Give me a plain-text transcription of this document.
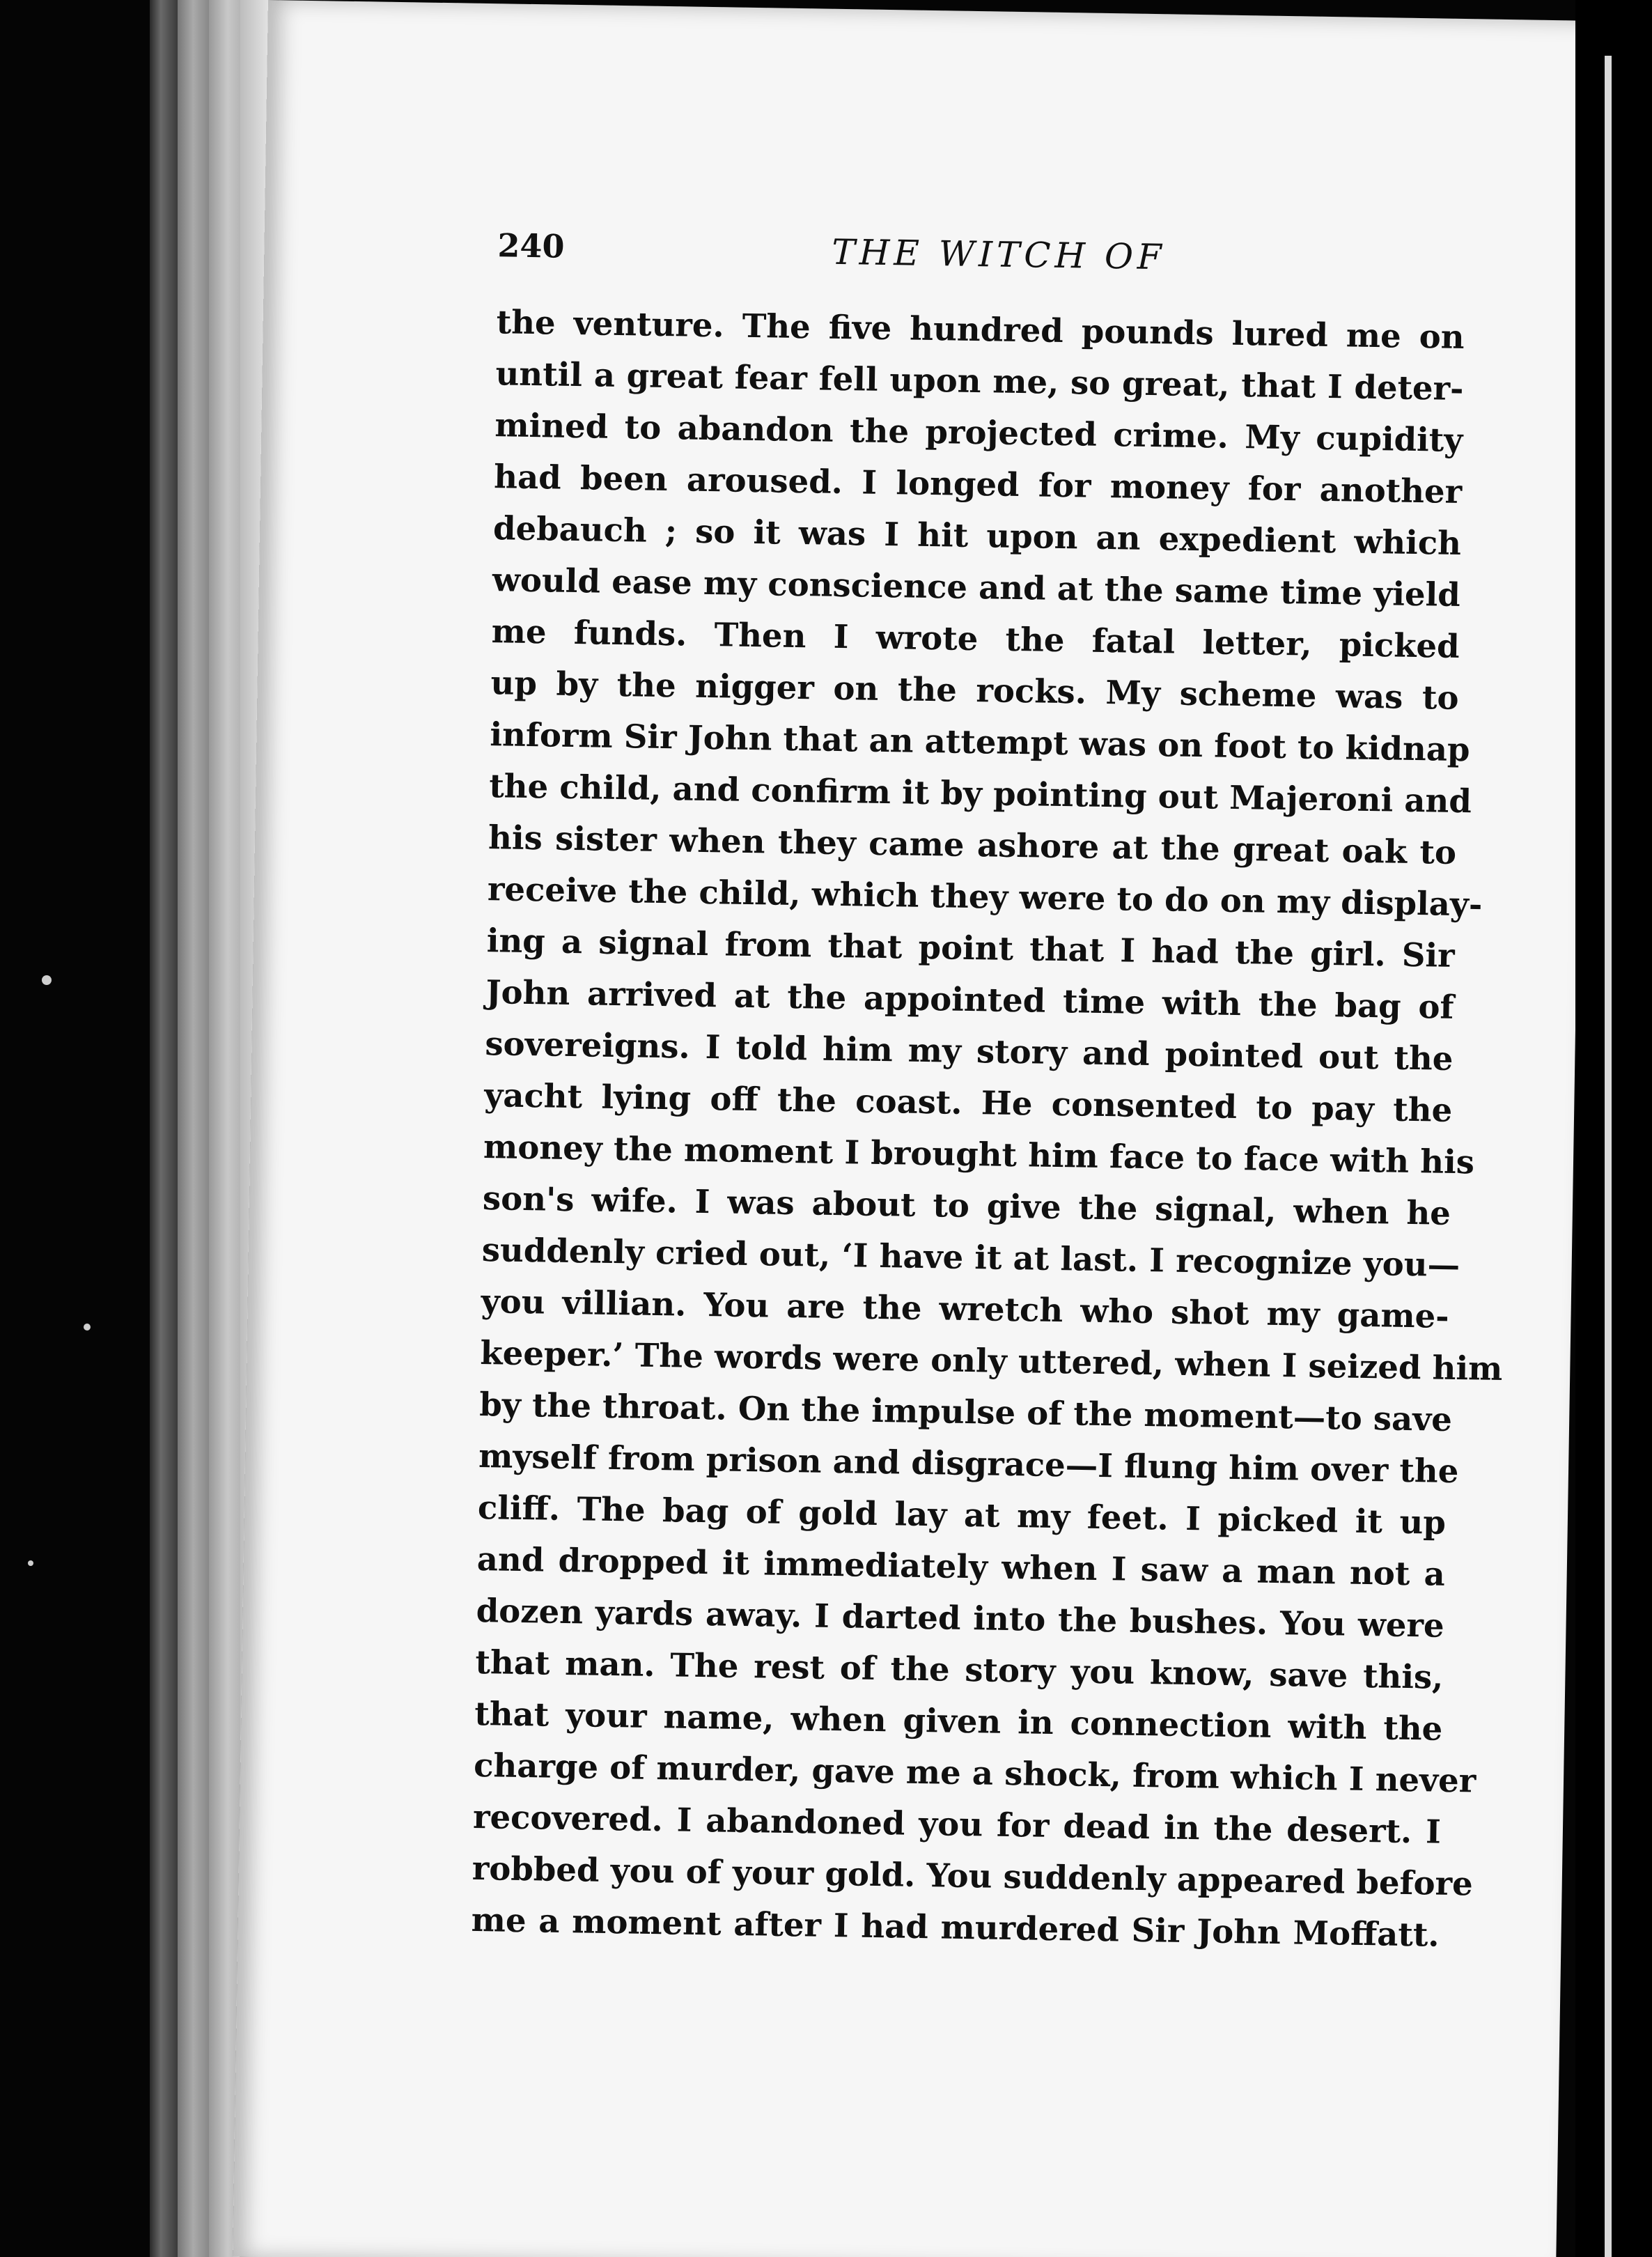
240	THE WITCH OF
the venture. The five hundred pounds lured me on
until a great fear fell upon me, so great, that I deter-
mined to abandon the projected crime. My cupidity
had been aroused. I longed for money for another
debauch ; so it was I hit upon an expedient which
would ease my conscience and at the same time yield
me funds. Then I wrote the fatal letter, picked
up by the nigger on the rocks. My scheme was to
inform Sir John that an attempt was on foot to kidnap
the child, and confirm it by pointing out Majeroni and
his sister when they came ashore at the great oak to
receive the child, which they were to do on my display-
ing a signal from that point that I had the girl. Sir
John arrived at the appointed time with the bag of
sovereigns. I told him my story and pointed out the
yacht lying off the coast. He consented to pay the
money the moment I brought him face to face with his
son's wife. I was about to give the signal, when he
suddenly cried out, ‘I have it at last. I recognize you—
you villian. You are the wretch who shot my game-
keeper.’ The words were only uttered, when I seized him
by the throat. On the impulse of the moment—to save
myself from prison and disgrace—I flung him over the
cliff. The bag of gold lay at my feet. I picked it up
and dropped it immediately when I saw a man not a
dozen yards away. I darted into the bushes. You were
that man. The rest of the story you know, save this,
that your name, when given in connection with the
charge of murder, gave me a shock, from which I never
recovered. I abandoned you for dead in the desert. I
robbed you of your gold. You suddenly appeared before
me a moment after I had murdered Sir John Moffatt.
